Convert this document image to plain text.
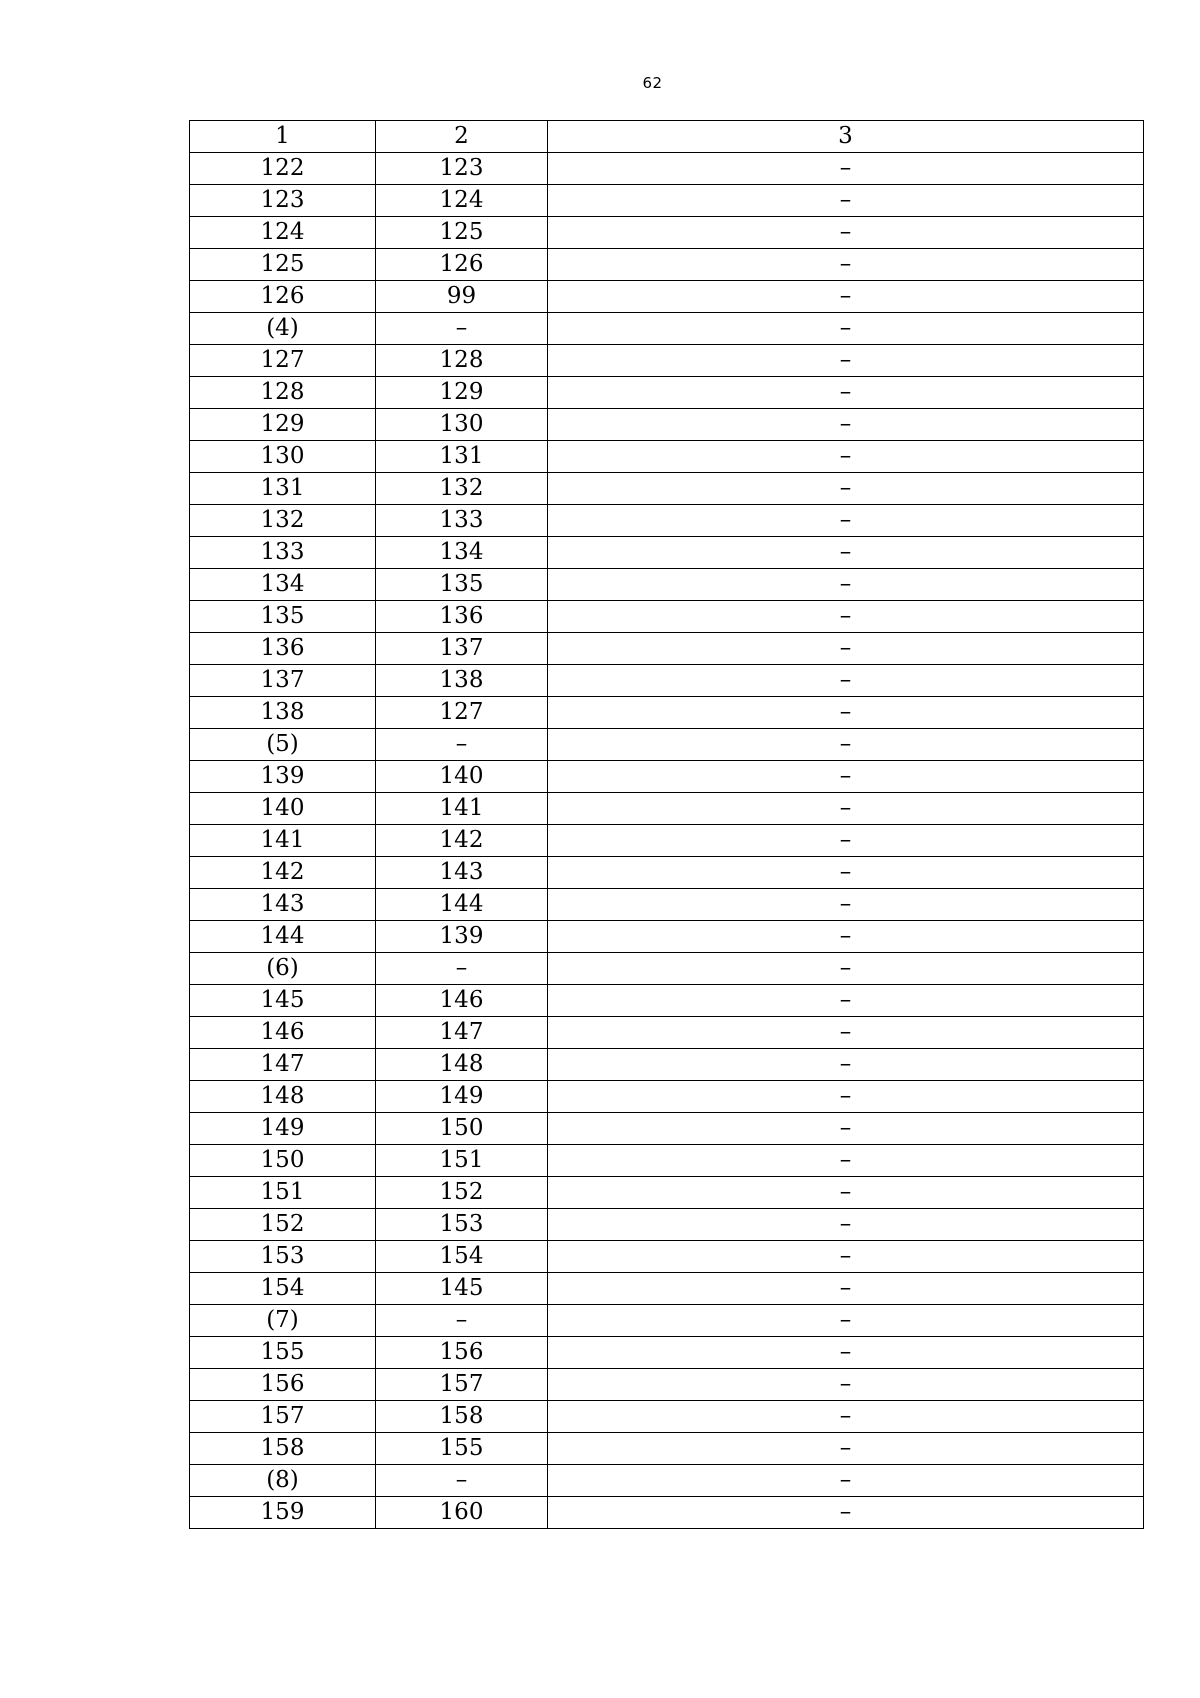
62
1	2	3
122	123	–
123	124	–
124	125	–
125	126	–
126	99	–
(4)	–	–
127	128	–
128	129	–
129	130	–
130	131	–
131	132	–
132	133	–
133	134	–
134	135	–
135	136	–
136	137	–
137	138	–
138	127	–
(5)	–	–
139	140	–
140	141	–
141	142	–
142	143	–
143	144	–
144	139	–
(6)	–	–
145	146	–
146	147	–
147	148	–
148	149	–
149	150	–
150	151	–
151	152	–
152	153	–
153	154	–
154	145	–
(7)	–	–
155	156	–
156	157	–
157	158	–
158	155	–
(8)	–	–
159	160	–
